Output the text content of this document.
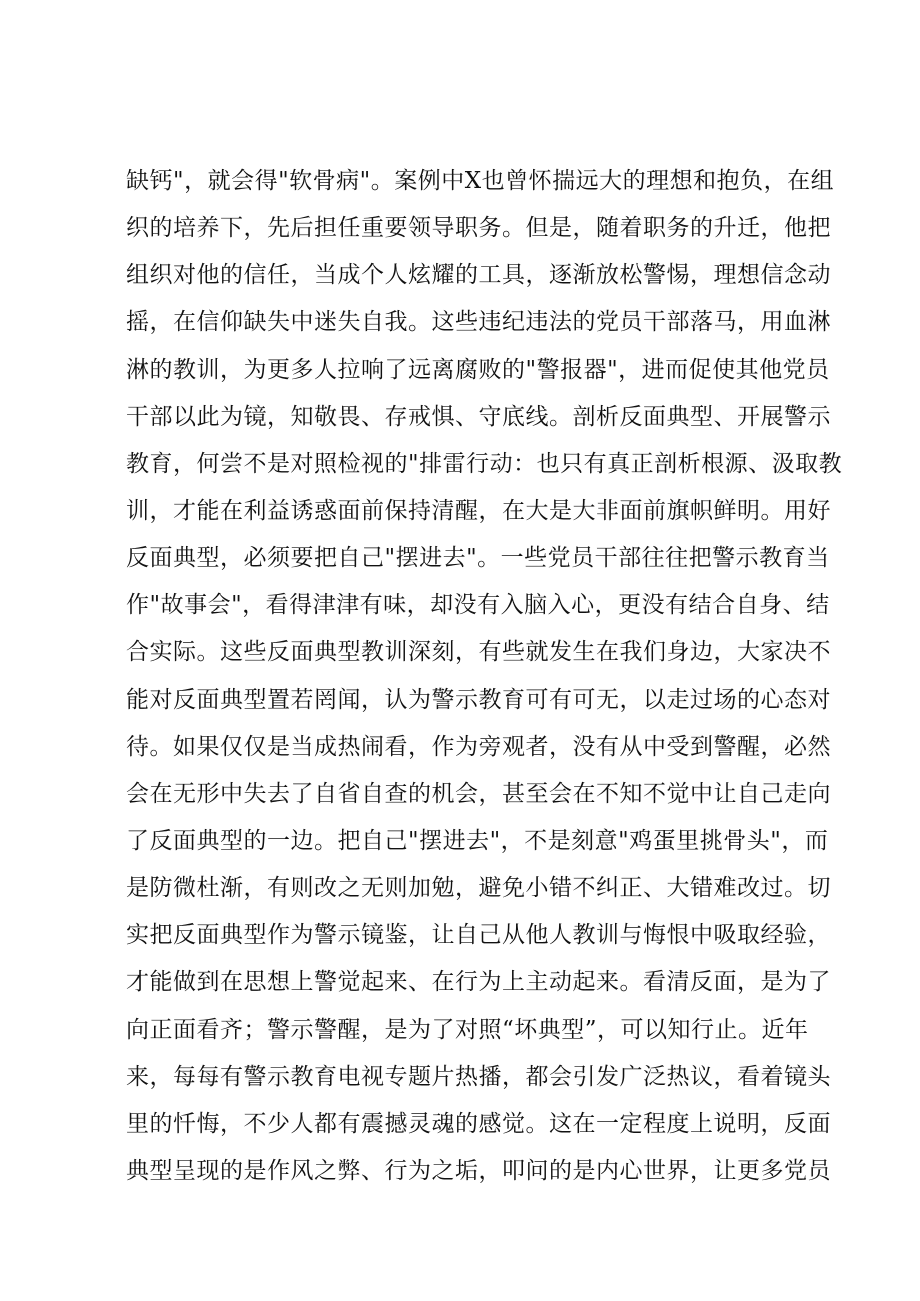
缺钙"，就会得"软骨病"。案例中X也曾怀揣远大的理想和抱负，在组
织的培养下，先后担任重要领导职务。但是，随着职务的升迁，他把
组织对他的信任，当成个人炫耀的工具，逐渐放松警惕，理想信念动
摇，在信仰缺失中迷失自我。这些违纪违法的党员干部落马，用血淋
淋的教训，为更多人拉响了远离腐败的"警报器"，进而促使其他党员
干部以此为镜，知敬畏、存戒惧、守底线。剖析反面典型、开展警示
教育，何尝不是对照检视的"排雷行动：也只有真正剖析根源、汲取教
训，才能在利益诱惑面前保持清醒，在大是大非面前旗帜鲜明。用好
反面典型，必须要把自己"摆进去"。一些党员干部往往把警示教育当
作"故事会"，看得津津有味，却没有入脑入心，更没有结合自身、结
合实际。这些反面典型教训深刻，有些就发生在我们身边，大家决不
能对反面典型置若罔闻，认为警示教育可有可无，以走过场的心态对
待。如果仅仅是当成热闹看，作为旁观者，没有从中受到警醒，必然
会在无形中失去了自省自查的机会，甚至会在不知不觉中让自己走向
了反面典型的一边。把自己"摆进去"，不是刻意"鸡蛋里挑骨头"，而
是防微杜渐，有则改之无则加勉，避免小错不纠正、大错难改过。切
实把反面典型作为警示镜鉴，让自己从他人教训与悔恨中吸取经验，
才能做到在思想上警觉起来、在行为上主动起来。看清反面，是为了
向正面看齐；警示警醒，是为了对照“坏典型”，可以知行止。近年
来，每每有警示教育电视专题片热播，都会引发广泛热议，看着镜头
里的忏悔，不少人都有震撼灵魂的感觉。这在一定程度上说明，反面
典型呈现的是作风之弊、行为之垢，叩问的是内心世界，让更多党员
